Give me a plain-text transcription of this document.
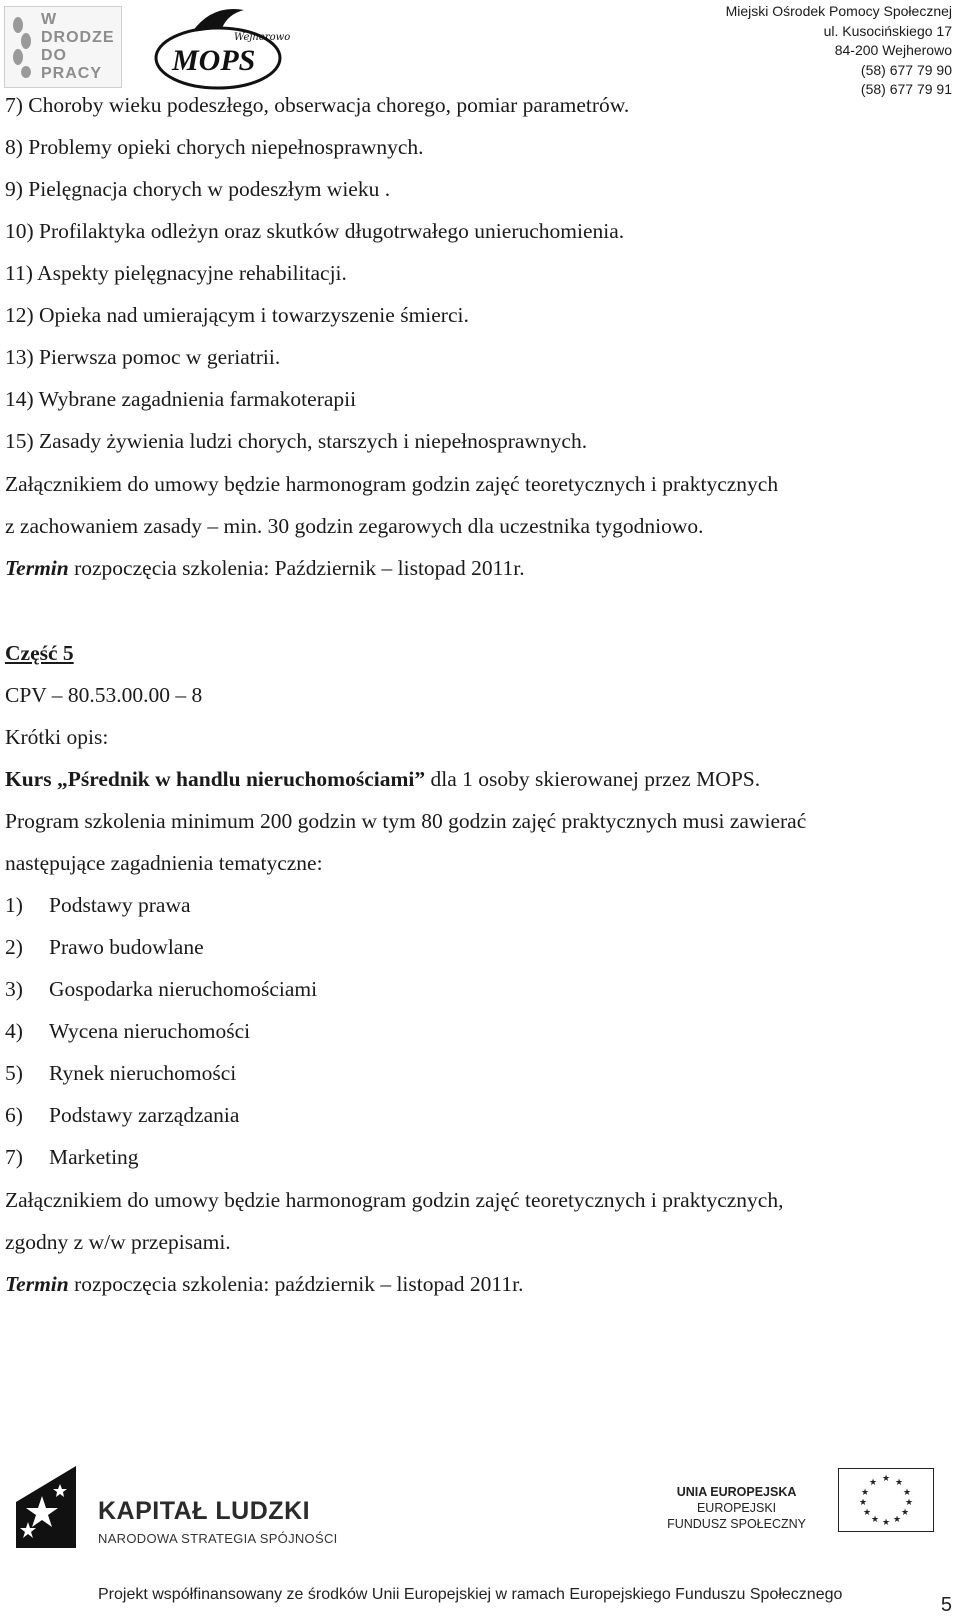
W
DRODZE
DO
PRACY	MOPS
Wejherowo
Miejski Ośrodek Pomocy Społecznej
ul. Kusocińskiego 17
84-200 Wejherowo
(58) 677 79 90
(58) 677 79 91
7) Choroby wieku podeszłego, obserwacja chorego, pomiar parametrów.
8) Problemy opieki chorych niepełnosprawnych.
9) Pielęgnacja chorych w podeszłym wieku .
10) Profilaktyka odleżyn oraz skutków długotrwałego unieruchomienia.
11) Aspekty pielęgnacyjne rehabilitacji.
12) Opieka nad umierającym i towarzyszenie śmierci.
13) Pierwsza pomoc w geriatrii.
14) Wybrane zagadnienia farmakoterapii
15) Zasady żywienia ludzi chorych, starszych i niepełnosprawnych.
Załącznikiem do umowy będzie harmonogram godzin zajęć teoretycznych i praktycznych
z zachowaniem zasady – min. 30 godzin zegarowych dla uczestnika tygodniowo.
Termin rozpoczęcia szkolenia: Październik – listopad 2011r.
Część 5
CPV – 80.53.00.00 – 8
Krótki opis:
Kurs „Pśrednik w handlu nieruchomościami” dla 1 osoby skierowanej przez MOPS.
Program szkolenia minimum 200 godzin w tym 80 godzin zajęć praktycznych musi zawierać
następujące zagadnienia tematyczne:
1) Podstawy prawa
2) Prawo budowlane
3) Gospodarka nieruchomościami
4) Wycena nieruchomości
5) Rynek nieruchomości
6) Podstawy zarządzania
7) Marketing
Załącznikiem do umowy będzie harmonogram godzin zajęć teoretycznych i praktycznych,
zgodny z w/w przepisami.
Termin rozpoczęcia szkolenia: październik – listopad 2011r.
KAPITAŁ LUDZKI
NARODOWA STRATEGIA SPÓJNOŚCI
UNIA EUROPEJSKA
EUROPEJSKI
FUNDUSZ SPOŁECZNY
★ ★
★
★
★
★
★
★
★
★
★
★
Projekt współfinansowany ze środków Unii Europejskiej w ramach Europejskiego Funduszu Społecznego	5
